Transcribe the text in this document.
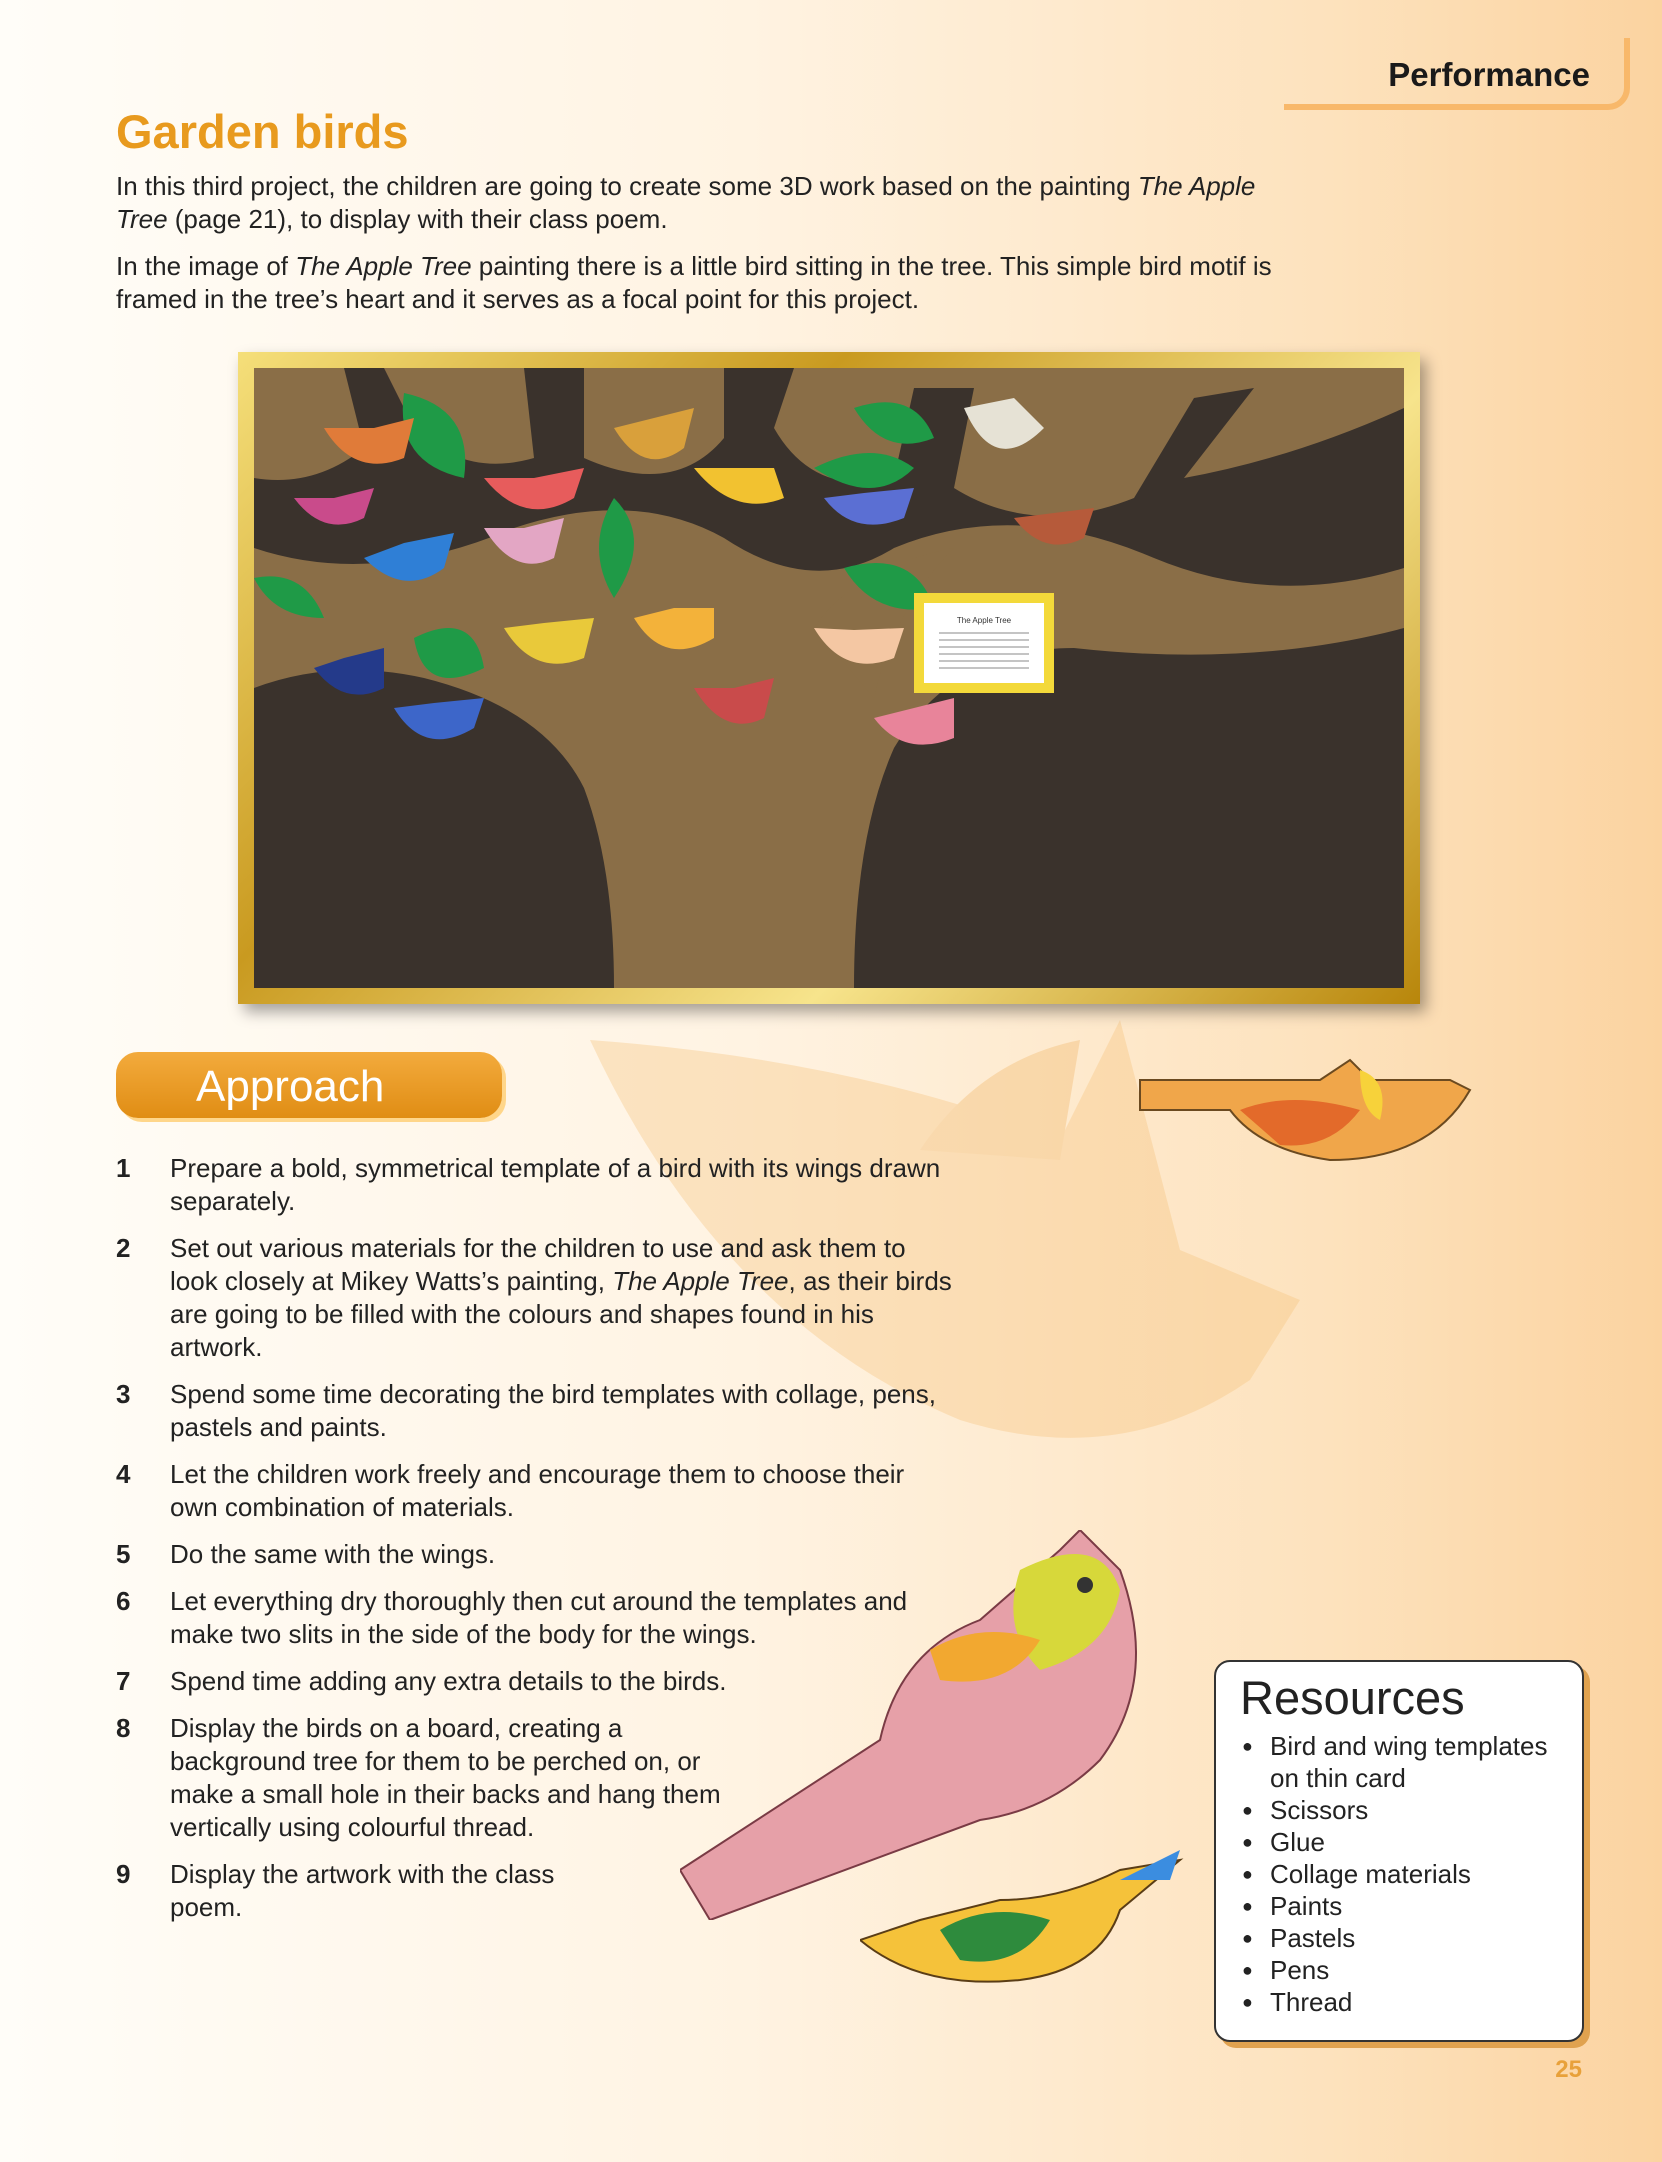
Performance
Garden birds

In this third project, the children are going to create some 3D work based on the painting The Apple Tree (page 21), to display with their class poem.

In the image of The Apple Tree painting there is a little bird sitting in the tree. This simple bird motif is framed in the tree’s heart and it serves as a focal point for this project.

The Apple Tree
Approach
1 Prepare a bold, symmetrical template of a bird with its wings drawn separately.
2 Set out various materials for the children to use and ask them to look closely at Mikey Watts’s painting, The Apple Tree, as their birds are going to be filled with the colours and shapes found in his artwork.
3 Spend some time decorating the bird templates with collage, pens, pastels and paints.
4 Let the children work freely and encourage them to choose their own combination of materials.
5 Do the same with the wings.
6 Let everything dry thoroughly then cut around the templates and make two slits in the side of the body for the wings.
7 Spend time adding any extra details to the birds.
8 Display the birds on a board, creating a background tree for them to be perched on, or make a small hole in their backs and hang them vertically using colourful thread.
9 Display the artwork with the class poem.
Resources
● Bird and wing templates on thin card
● Scissors
● Glue
● Collage materials
● Paints
● Pastels
● Pens
● Thread
25
